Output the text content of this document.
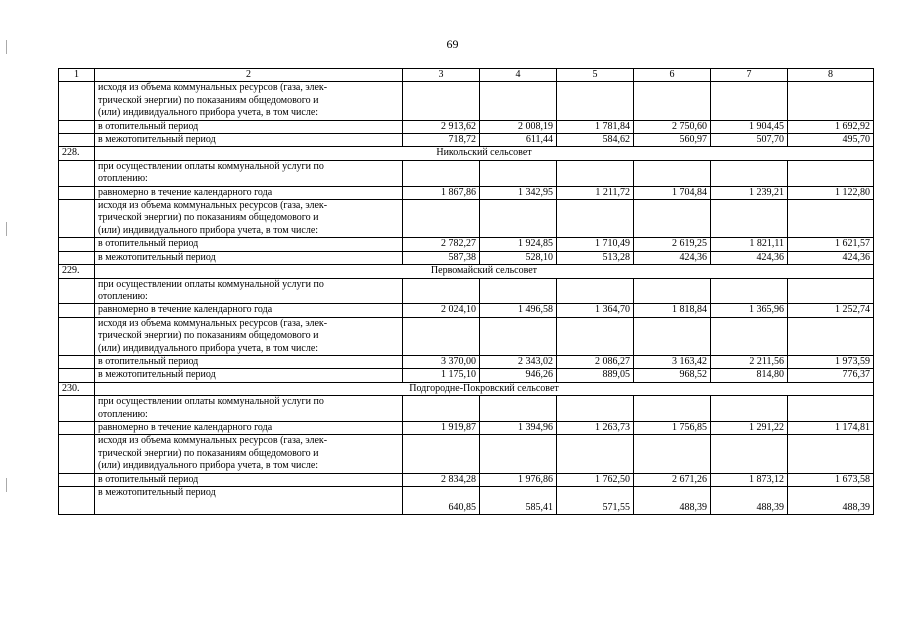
69
1	2	3	4	5	6	7	8

	исходя из объема коммунальных ресурсов (газа, элек-
трической энергии) по показаниям общедомового и
(или) индивидуального прибора учета, в том числе:						

	в отопительный период	2 913,62	2 008,19	1 781,84	2 750,60	1 904,45	1 692,92
	в межотопительный период	718,72	611,44	584,62	560,97	507,70	495,70
228.	Никольский сельсовет						

	при осуществлении оплаты коммунальной услуги по
отоплению:						

	равномерно в течение календарного года	1 867,86	1 342,95	1 211,72	1 704,84	1 239,21	1 122,80

	исходя из объема коммунальных ресурсов (газа, элек-
трической энергии) по показаниям общедомового и
(или) индивидуального прибора учета, в том числе:						

	в отопительный период	2 782,27	1 924,85	1 710,49	2 619,25	1 821,11	1 621,57
	в межотопительный период	587,38	528,10	513,28	424,36	424,36	424,36
229.	Первомайский сельсовет						

	при осуществлении оплаты коммунальной услуги по
отоплению:						

	равномерно в течение календарного года	2 024,10	1 496,58	1 364,70	1 818,84	1 365,96	1 252,74

	исходя из объема коммунальных ресурсов (газа, элек-
трической энергии) по показаниям общедомового и
(или) индивидуального прибора учета, в том числе:						

	в отопительный период	3 370,00	2 343,02	2 086,27	3 163,42	2 211,56	1 973,59
	в межотопительный период	1 175,10	946,26	889,05	968,52	814,80	776,37
230.	Подгородне-Покровский сельсовет						

	при осуществлении оплаты коммунальной услуги по
отоплению:						

	равномерно в течение календарного года	1 919,87	1 394,96	1 263,73	1 756,85	1 291,22	1 174,81

	исходя из объема коммунальных ресурсов (газа, элек-
трической энергии) по показаниям общедомового и
(или) индивидуального прибора учета, в том числе:						

	в отопительный период	2 834,28	1 976,86	1 762,50	2 671,26	1 873,12	1 673,58
	в межотопительный период	640,85	585,41	571,55	488,39	488,39	488,39
